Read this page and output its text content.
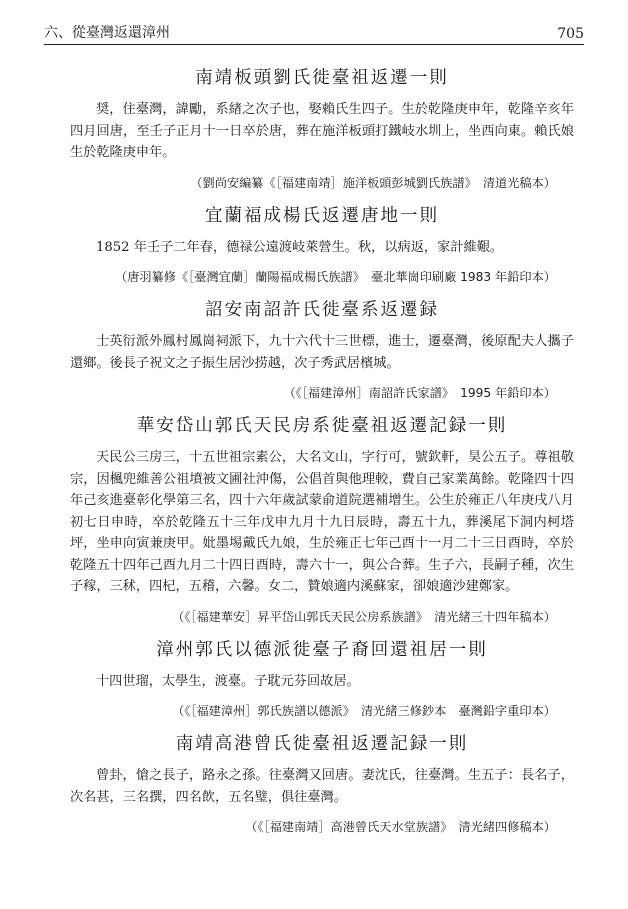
六、從臺灣返還漳州	705
南靖板頭劉氏徙臺祖返遷一則

奨，住臺灣，諱勵，系緖之次子也，娶賴氏生四子。生於乾隆庚申年，乾隆辛亥年四月回唐，至壬子正月十一日卒於唐，葬在施洋板頭打鐵岐水圳上，坐西向東。賴氏娘生於乾隆庚申年。

（劉尚安編纂《［福建南靖］施洋板頭彭城劉氏族譜》　清道光稿本）
宜蘭福成楊氏返遷唐地一則

1852 年壬子二年春，德禄公遠渡岐萊營生。秋，以病返，家計維艱。

（唐羽纂修《［臺灣宜蘭］蘭陽福成楊氏族譜》　臺北華崗印刷廠 1983 年鉛印本）
詔安南詔許氏徙臺系返遷録

士英衍派外鳳村鳳崗祠派下，九十六代十三世標，進士，遷臺灣，後原配夫人攜子還鄉。後長子祝文之子振生居沙捞越，次子秀武居檳城。

（《［福建漳州］南詔許氏家譜》　1995 年鉛印本）
華安岱山郭氏天民房系徙臺祖返遷記録一則

天民公三房三，十五世祖宗素公，大名文山，字行可，號欽軒，昊公五子。尊祖敬宗，因楓兜維善公祖墳被文圃社沖傷，公倡首與他理較，費自己家業萬餘。乾隆四十四年己亥進臺彰化學第三名，四十六年歲試蒙俞道院選補增生。公生於雍正八年庚戌八月初七日申時，卒於乾隆五十三年戊申九月十九日辰時，壽五十九，葬溪尾下洞内柯塔坪，坐申向寅兼庚甲。妣墨埸戴氏九娘，生於雍正七年己酉十一月二十三日酉時，卒於乾隆五十四年己酉九月二十四日酉時，壽六十一，與公合葬。生子六，長嗣子種，次生子稼，三秫，四杞，五稽，六馨。女二，贊娘適内溪蘇家，卻娘適沙建鄭家。

（《［福建華安］昇平岱山郭氏天民公房系族譜》　清光緒三十四年稿本）
漳州郭氏以德派徙臺子裔回還祖居一則

十四世瑠，太學生，渡臺。子耽元芬回故居。

（《［福建漳州］郭氏族譜以德派》　清光緒三修鈔本　臺灣鉛字重印本）
南靖高港曾氏徙臺祖返遷記録一則

曾卦，愴之長子，路永之孫。往臺灣又回唐。妻沈氏，往臺灣。生五子：長名子，次名甚，三名撰，四名飲，五名璧，俱往臺灣。

（《［福建南靖］高港曾氏天水堂族譜》　清光緒四修稿本）
